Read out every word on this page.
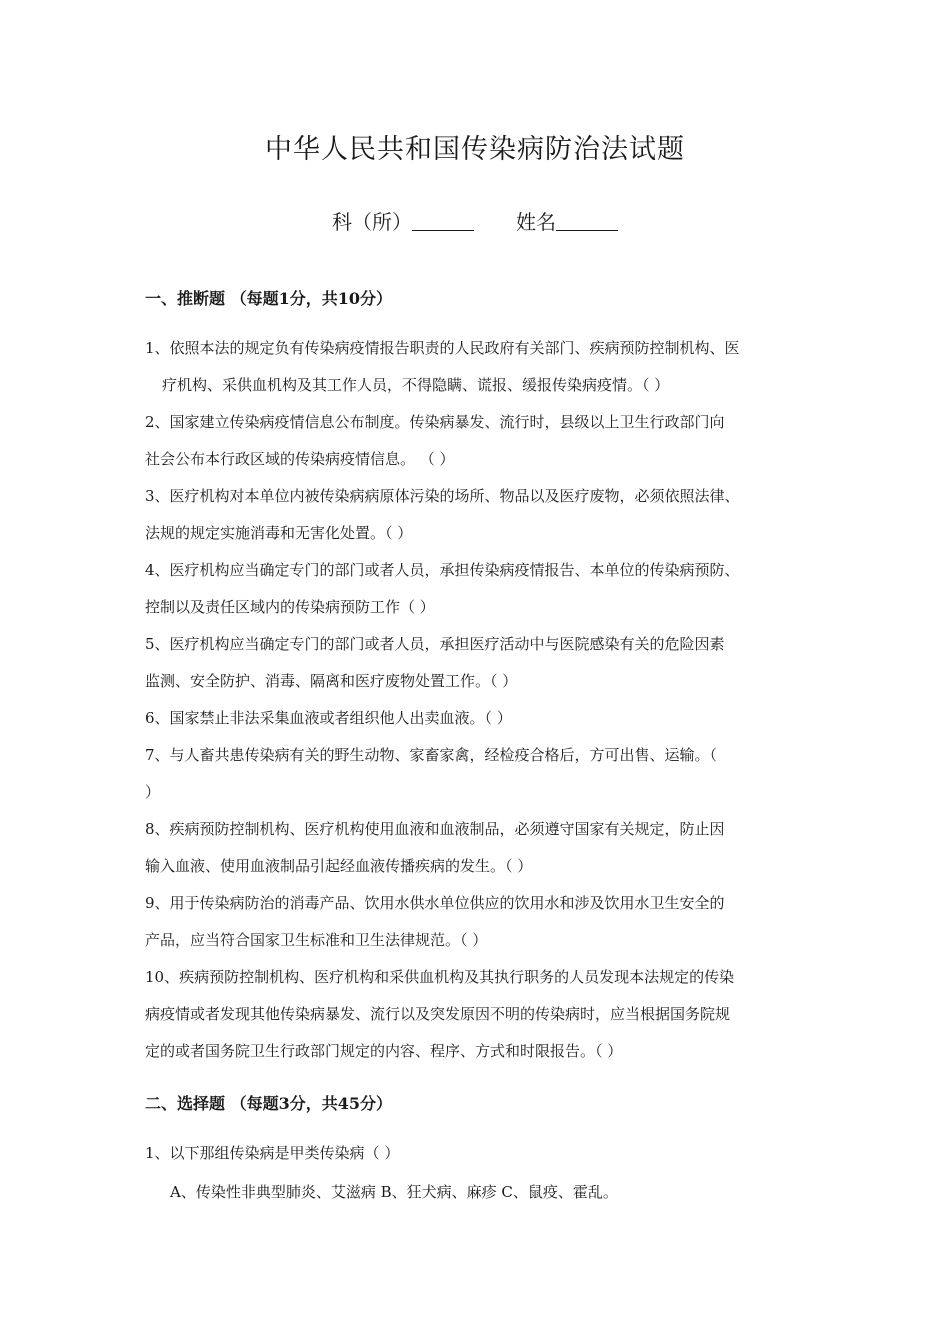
中华人民共和国传染病防治法试题
科（所）	姓名
一、推断题 （每题1分，共10分）
1、依照本法的规定负有传染病疫情报告职责的人民政府有关部门、疾病预防控制机构、医
疗机构、采供血机构及其工作人员，不得隐瞒、谎报、缓报传染病疫情。（ ）
2、国家建立传染病疫情信息公布制度。传染病暴发、流行时，县级以上卫生行政部门向
社会公布本行政区域的传染病疫情信息。 （ ）
3、医疗机构对本单位内被传染病病原体污染的场所、物品以及医疗废物，必须依照法律、
法规的规定实施消毒和无害化处置。（ ）
4、医疗机构应当确定专门的部门或者人员，承担传染病疫情报告、本单位的传染病预防、
控制以及责任区域内的传染病预防工作（ ）
5、医疗机构应当确定专门的部门或者人员，承担医疗活动中与医院感染有关的危险因素
监测、安全防护、消毒、隔离和医疗废物处置工作。（ ）
6、国家禁止非法采集血液或者组织他人出卖血液。（ ）
7、与人畜共患传染病有关的野生动物、家畜家禽，经检疫合格后，方可出售、运输。（
）
8、疾病预防控制机构、医疗机构使用血液和血液制品，必须遵守国家有关规定，防止因
输入血液、使用血液制品引起经血液传播疾病的发生。（ ）
9、用于传染病防治的消毒产品、饮用水供水单位供应的饮用水和涉及饮用水卫生安全的
产品，应当符合国家卫生标准和卫生法律规范。（ ）
10、疾病预防控制机构、医疗机构和采供血机构及其执行职务的人员发现本法规定的传染
病疫情或者发现其他传染病暴发、流行以及突发原因不明的传染病时，应当根据国务院规
定的或者国务院卫生行政部门规定的内容、程序、方式和时限报告。（ ）
二、选择题 （每题3分，共45分）
1、以下那组传染病是甲类传染病（ ）
A、传染性非典型肺炎、艾滋病 B、狂犬病、麻疹 C、鼠疫、霍乱。
